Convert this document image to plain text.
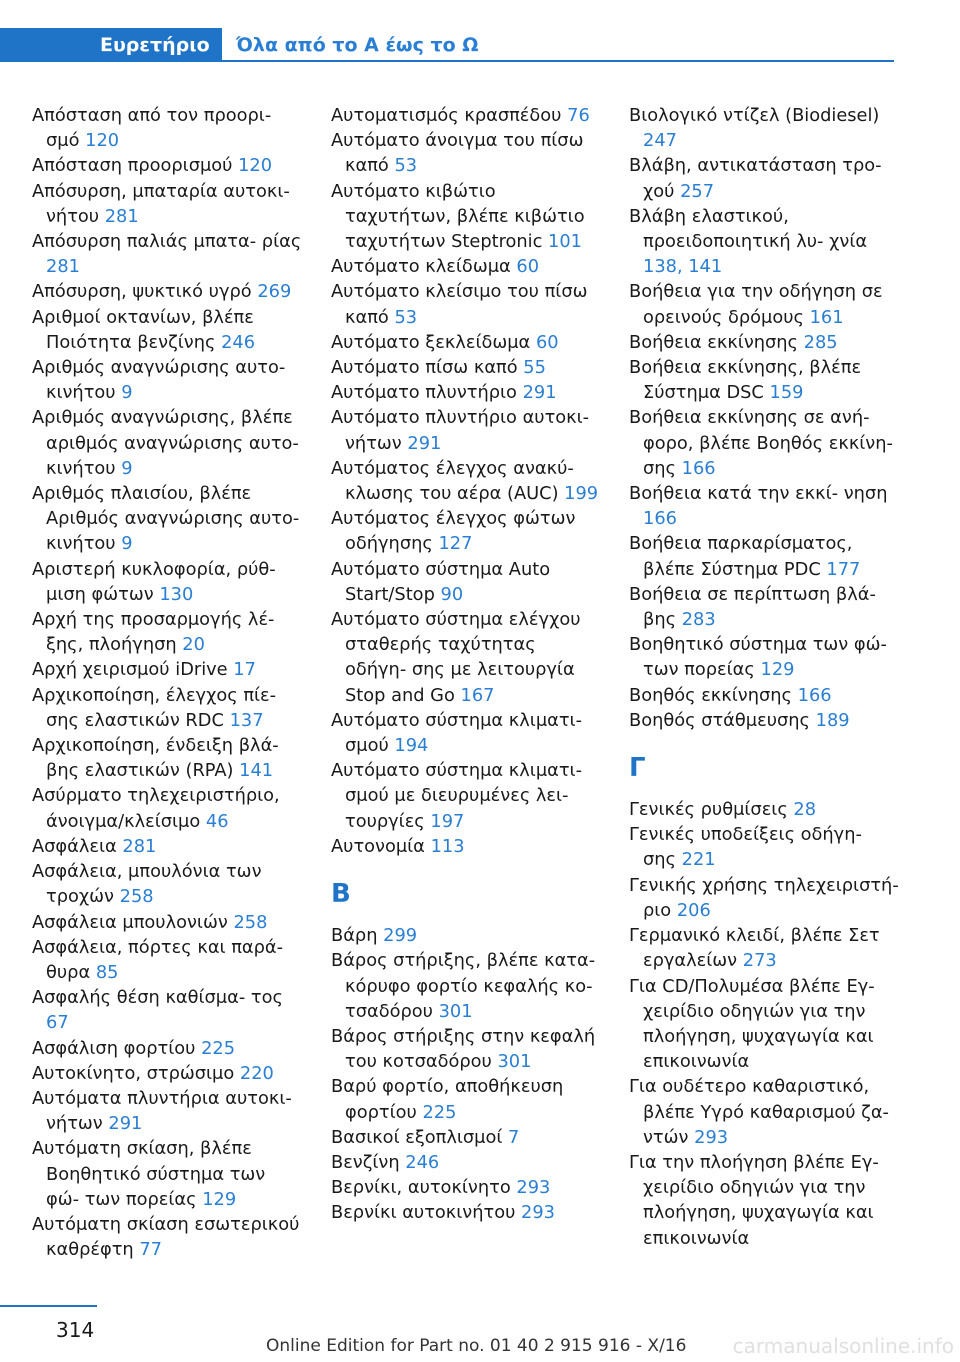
Ευρετήριο	Όλα από το Α έως το Ω
Απόσταση από τον προορι‐ σμό 120
Απόσταση προορισμού 120
Απόσυρση, μπαταρία αυτοκι‐ νήτου 281
Απόσυρση παλιάς μπατα‐ ρίας 281
Απόσυρση, ψυκτικό υγρό 269
Αριθμοί οκτανίων, βλέπε Ποιότητα βενζίνης 246
Αριθμός αναγνώρισης αυτο‐ κινήτου 9
Αριθμός αναγνώρισης, βλέπε αριθμός αναγνώρισης αυτο‐ κινήτου 9
Αριθμός πλαισίου, βλέπε Αριθμός αναγνώρισης αυτο‐ κινήτου 9
Αριστερή κυκλοφορία, ρύθ‐ μιση φώτων 130
Αρχή της προσαρμογής λέ‐ ξης, πλοήγηση 20
Αρχή χειρισμού iDrive 17
Αρχικοποίηση, έλεγχος πίε‐ σης ελαστικών RDC 137
Αρχικοποίηση, ένδειξη βλά‐ βης ελαστικών (RPA) 141
Ασύρματο τηλεχειριστήριο, άνοιγμα/κλείσιμο 46
Ασφάλεια 281
Ασφάλεια, μπουλόνια των τροχών 258
Ασφάλεια μπουλονιών 258
Ασφάλεια, πόρτες και παρά‐ θυρα 85
Ασφαλής θέση καθίσμα‐ τος 67
Ασφάλιση φορτίου 225
Αυτοκίνητο, στρώσιμο 220
Αυτόματα πλυντήρια αυτοκι‐ νήτων 291
Αυτόματη σκίαση, βλέπε Βοηθητικό σύστημα των φώ‐ των πορείας 129
Αυτόματη σκίαση εσωτερικού καθρέφτη 77
Αυτοματισμός κρασπέδου 76
Αυτόματο άνοιγμα του πίσω καπό 53
Αυτόματο κιβώτιο ταχυτήτων, βλέπε κιβώτιο ταχυτήτων Steptronic 101
Αυτόματο κλείδωμα 60
Αυτόματο κλείσιμο του πίσω καπό 53
Αυτόματο ξεκλείδωμα 60
Αυτόματο πίσω καπό 55
Αυτόματο πλυντήριο 291
Αυτόματο πλυντήριο αυτοκι‐ νήτων 291
Αυτόματος έλεγχος ανακύ‐ κλωσης του αέρα (AUC) 199
Αυτόματος έλεγχος φώτων οδήγησης 127
Αυτόματο σύστημα Auto Start/Stop 90
Αυτόματο σύστημα ελέγχου σταθερής ταχύτητας οδήγη‐ σης με λειτουργία Stop and Go 167
Αυτόματο σύστημα κλιματι‐ σμού 194
Αυτόματο σύστημα κλιματι‐ σμού με διευρυμένες λει‐ τουργίες 197
Αυτονομία 113
Β
Βάρη 299
Βάρος στήριξης, βλέπε κατα‐ κόρυφο φορτίο κεφαλής κο‐ τσαδόρου 301
Βάρος στήριξης στην κεφαλή του κοτσαδόρου 301
Βαρύ φορτίο, αποθήκευση φορτίου 225
Βασικοί εξοπλισμοί 7
Βενζίνη 246
Βερνίκι, αυτοκίνητο 293
Βερνίκι αυτοκινήτου 293
Βιολογικό ντίζελ (Biodiesel) 247
Βλάβη, αντικατάσταση τρο‐ χού 257
Βλάβη ελαστικού, προειδοποιητική λυ‐ χνία 138, 141
Βοήθεια για την οδήγηση σε ορεινούς δρόμους 161
Βοήθεια εκκίνησης 285
Βοήθεια εκκίνησης, βλέπε Σύστημα DSC 159
Βοήθεια εκκίνησης σε ανή‐ φορο, βλέπε Βοηθός εκκίνη‐ σης 166
Βοήθεια κατά την εκκί‐ νηση 166
Βοήθεια παρκαρίσματος, βλέπε Σύστημα PDC 177
Βοήθεια σε περίπτωση βλά‐ βης 283
Βοηθητικό σύστημα των φώ‐ των πορείας 129
Βοηθός εκκίνησης 166
Βοηθός στάθμευσης 189
Γ
Γενικές ρυθμίσεις 28
Γενικές υποδείξεις οδήγη‐ σης 221
Γενικής χρήσης τηλεχειριστή‐ ριο 206
Γερμανικό κλειδί, βλέπε Σετ εργαλείων 273
Για CD/Πολυμέσα βλέπε Εγ‐ χειρίδιο οδηγιών για την πλοήγηση, ψυχαγωγία και επικοινωνία
Για ουδέτερο καθαριστικό, βλέπε Υγρό καθαρισμού ζα‐ ντών 293
Για την πλοήγηση βλέπε Εγ‐ χειρίδιο οδηγιών για την πλοήγηση, ψυχαγωγία και επικοινωνία
314
Online Edition for Part no. 01 40 2 915 916 - X/16 carmanualsonline.info
